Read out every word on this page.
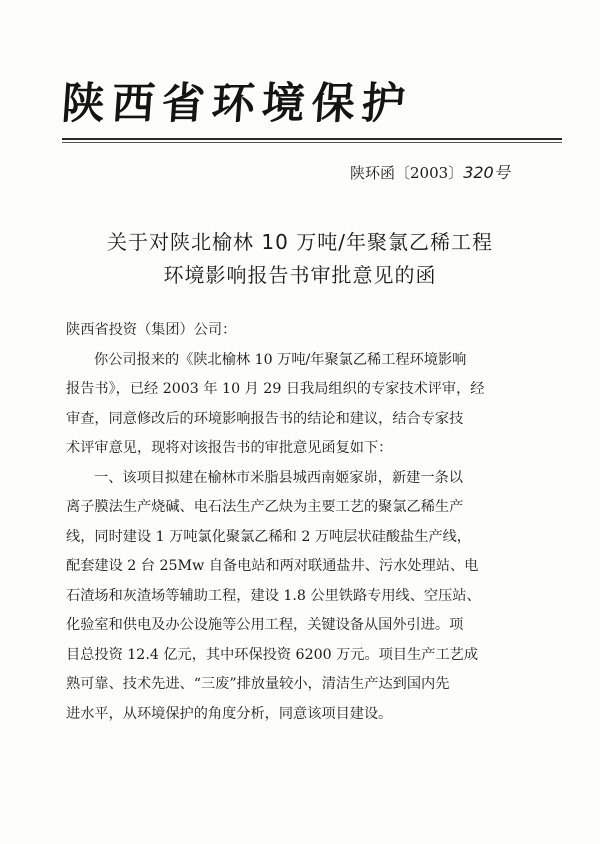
陕西省环境保护
陕环函〔2003〕320号
关于对陕北榆林 10 万吨/年聚氯乙稀工程
环境影响报告书审批意见的函
陕西省投资（集团）公司：
你公司报来的《陕北榆林 10 万吨/年聚氯乙稀工程环境影响
报告书》，已经 2003 年 10 月 29 日我局组织的专家技术评审，经
审查，同意修改后的环境影响报告书的结论和建议，结合专家技
术评审意见，现将对该报告书的审批意见函复如下：
一、该项目拟建在榆林市米脂县城西南姬家峁，新建一条以
离子膜法生产烧碱、电石法生产乙炔为主要工艺的聚氯乙稀生产
线，同时建设 1 万吨氯化聚氯乙稀和 2 万吨层状硅酸盐生产线，
配套建设 2 台 25Mw 自备电站和两对联通盐井、污水处理站、电
石渣场和灰渣场等辅助工程，建设 1.8 公里铁路专用线、空压站、
化验室和供电及办公设施等公用工程，关键设备从国外引进。项
目总投资 12.4 亿元，其中环保投资 6200 万元。项目生产工艺成
熟可靠、技术先进、“三废”排放量较小，清洁生产达到国内先
进水平，从环境保护的角度分析，同意该项目建设。
